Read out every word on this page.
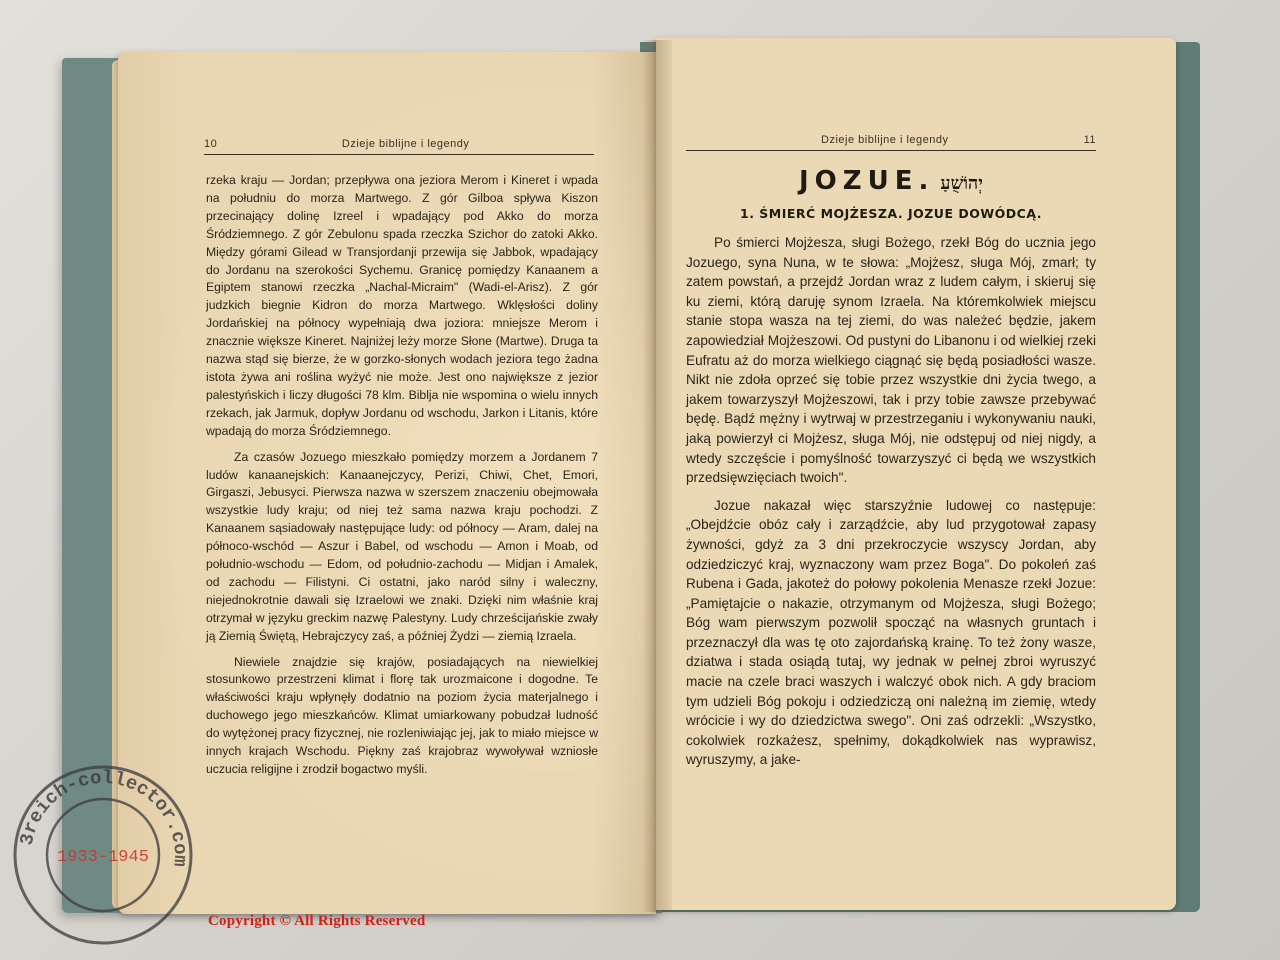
10	Dzieje biblijne i legendy

rzeka kraju — Jordan; przepływa ona jeziora Merom i Kineret i wpada na południu do morza Martwego. Z gór Gilboa spływa Kiszon przecinający dolinę Izreel i wpadający pod Akko do morza Śródziemnego. Z gór Zebulonu spada rzeczka Szichor do zatoki Akko. Między górami Gilead w Transjordanji przewija się Jabbok, wpadający do Jordanu na szerokości Sychemu. Granicę pomiędzy Kanaanem a Egiptem stanowi rzeczka „Nachal-Micraim" (Wadi-el-Arisz). Z gór judzkich biegnie Kidron do morza Martwego. Wklęsłości doliny Jordańskiej na północy wypełniają dwa joziora: mniejsze Merom i znacznie większe Kineret. Najniżej leży morze Słone (Martwe). Druga ta nazwa stąd się bierze, że w gorzko-słonych wodach jeziora tego żadna istota żywa ani roślina wyżyć nie może. Jest ono największe z jezior palestyńskich i liczy długości 78 klm. Biblja nie wspomina o wielu innych rzekach, jak Jarmuk, dopływ Jordanu od wschodu, Jarkon i Litanis, które wpadają do morza Śródziemnego.

Za czasów Jozuego mieszkało pomiędzy morzem a Jordanem 7 ludów kanaanejskich: Kanaanejczycy, Perizi, Chiwi, Chet, Emori, Girgaszi, Jebusyci. Pierwsza nazwa w szerszem znaczeniu obejmowała wszystkie ludy kraju; od niej też sama nazwa kraju pochodzi. Z Kanaanem sąsiadowały następujące ludy: od północy — Aram, dalej na północo-wschód — Aszur i Babel, od wschodu — Amon i Moab, od południo-wschodu — Edom, od południo-zachodu — Midjan i Amalek, od zachodu — Filistyni. Ci ostatni, jako naród silny i waleczny, niejednokrotnie dawali się Izraelowi we znaki. Dzięki nim właśnie kraj otrzymał w języku greckim nazwę Palestyny. Ludy chrześcijańskie zwały ją Ziemią Świętą, Hebrajczycy zaś, a później Żydzi — ziemią Izraela.

Niewiele znajdzie się krajów, posiadających na niewielkiej stosunkowo przestrzeni klimat i florę tak urozmaicone i dogodne. Te właściwości kraju wpłynęły dodatnio na poziom życia materjalnego i duchowego jego mieszkańców. Klimat umiarkowany pobudzał ludność do wytężonej pracy fizycznej, nie rozleniwiając jej, jak to miało miejsce w innych krajach Wschodu. Piękny zaś krajobraz wywoływał wzniosłe uczucia religijne i zrodził bogactwo myśli.

Dzieje biblijne i legendy	11
JOZUE. יְהוֹשֻׁעַ
1. ŚMIERĆ MOJŻESZA. JOZUE DOWÓDCĄ.

Po śmierci Mojżesza, sługi Bożego, rzekł Bóg do ucznia jego Jozuego, syna Nuna, w te słowa: „Mojżesz, sługa Mój, zmarł; ty zatem powstań, a przejdź Jordan wraz z ludem całym, i skieruj się ku ziemi, którą daruję synom Izraela. Na któremkolwiek miejscu stanie stopa wasza na tej ziemi, do was należeć będzie, jakem zapowiedział Mojżeszowi. Od pustyni do Libanonu i od wielkiej rzeki Eufratu aż do morza wielkiego ciągnąć się będą posiadłości wasze. Nikt nie zdoła oprzeć się tobie przez wszystkie dni życia twego, a jakem towarzyszył Mojżeszowi, tak i przy tobie zawsze przebywać będę. Bądź mężny i wytrwaj w przestrzeganiu i wykonywaniu nauki, jaką powierzył ci Mojżesz, sługa Mój, nie odstępuj od niej nigdy, a wtedy szczęście i pomyślność towarzyszyć ci będą we wszystkich przedsięwzięciach twoich".

Jozue nakazał więc starszyźnie ludowej co następuje: „Obejdźcie obóz cały i zarządźcie, aby lud przygotował zapasy żywności, gdyż za 3 dni przekroczycie wszyscy Jordan, aby odziedziczyć kraj, wyznaczony wam przez Boga". Do pokoleń zaś Rubena i Gada, jakoteż do połowy pokolenia Menasze rzekł Jozue: „Pamiętajcie o nakazie, otrzymanym od Mojżesza, sługi Bożego; Bóg wam pierwszym pozwolił spocząć na własnych gruntach i przeznaczył dla was tę oto zajordańską krainę. To też żony wasze, dziatwa i stada osiądą tutaj, wy jednak w pełnej zbroi wyruszyć macie na czele braci waszych i walczyć obok nich. A gdy braciom tym udzieli Bóg pokoju i odziedziczą oni należną im ziemię, wtedy wrócicie i wy do dziedzictwa swego". Oni zaś odrzekli: „Wszystko, cokolwiek rozkażesz, spełnimy, dokądkolwiek nas wyprawisz, wyruszymy, a jake-

3reich-collector.com
1933-1945
Copyright © All Rights Reserved
